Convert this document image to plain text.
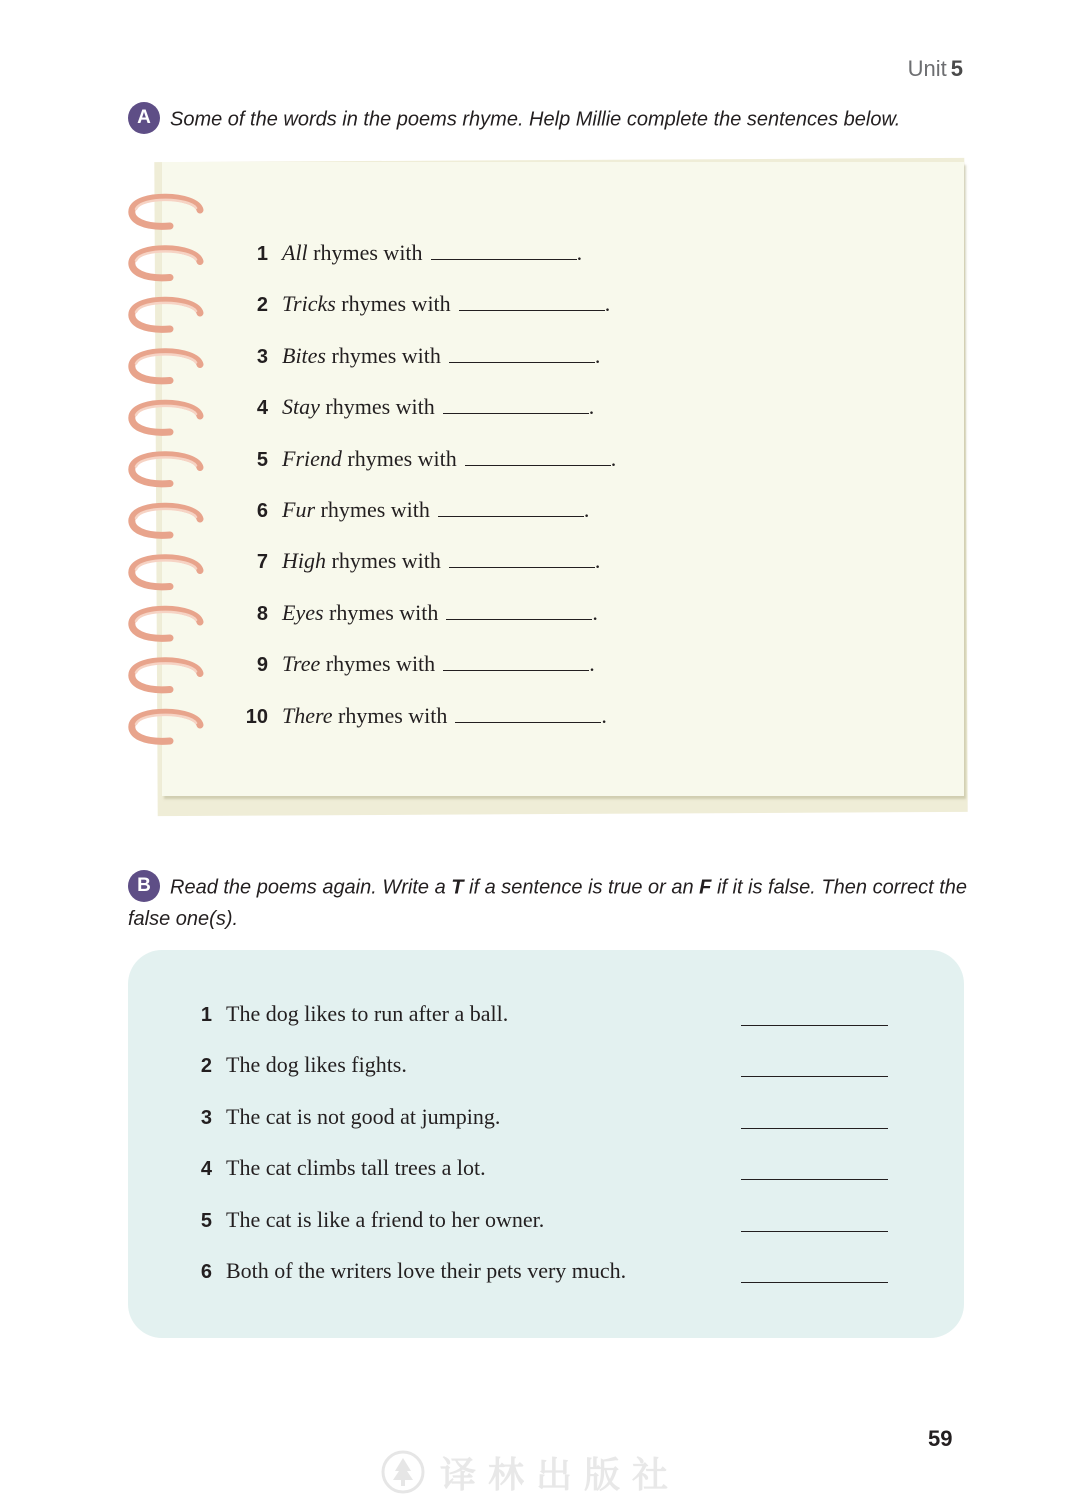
Unit 5
A Some of the words in the poems rhyme. Help Millie complete the sentences below.
1 All rhymes with	.
2 Tricks rhymes with	.
3 Bites rhymes with	.
4 Stay rhymes with	.
5 Friend rhymes with	.
6 Fur rhymes with	.
7 High rhymes with	.
8 Eyes rhymes with	.
9 Tree rhymes with	.
10 There rhymes with	.
B Read the poems again. Write a T if a sentence is true or an F if it is false. Then correct the false one(s).
1 The dog likes to run after a ball.
2 The dog likes fights.
3 The cat is not good at jumping.
4 The cat climbs tall trees a lot.
5 The cat is like a friend to her owner.
6 Both of the writers love their pets very much.
59
译林出版社
